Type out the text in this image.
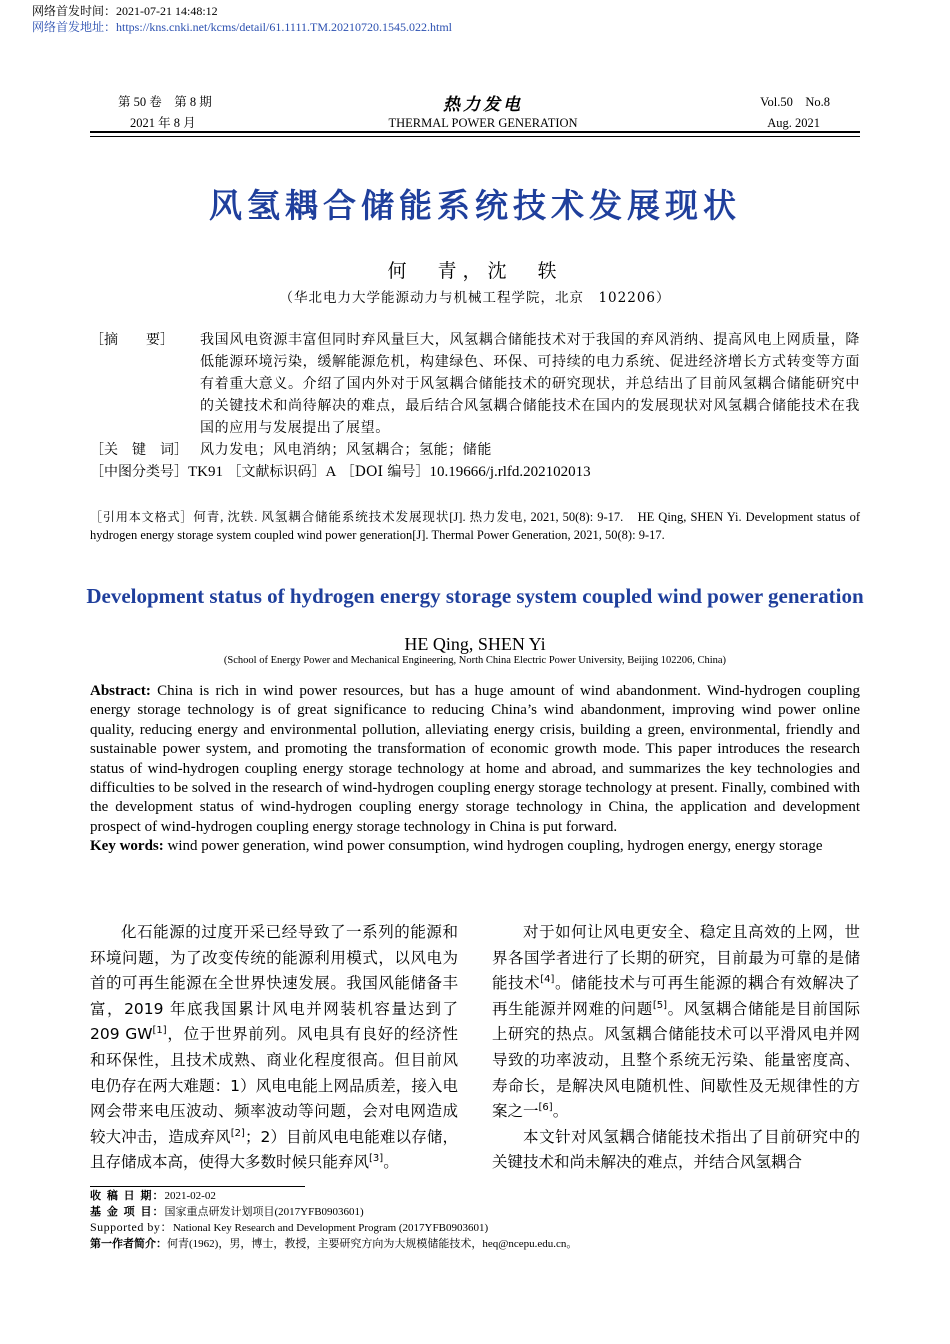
网络首发时间：2021-07-21 14:48:12
网络首发地址：https://kns.cnki.net/kcms/detail/61.1111.TM.20210720.1545.022.html
第 50 卷　第 8 期
2021 年 8 月
热力发电
THERMAL POWER GENERATION
Vol.50　No.8
Aug. 2021
风氢耦合储能系统技术发展现状
何　青，沈　轶
（华北电力大学能源动力与机械工程学院，北京　102206）
［摘　　要］	我国风电资源丰富但同时弃风量巨大，风氢耦合储能技术对于我国的弃风消纳、提高风电上网质量，降低能源环境污染，缓解能源危机，构建绿色、环保、可持续的电力系统、促进经济增长方式转变等方面有着重大意义。介绍了国内外对于风氢耦合储能技术的研究现状，并总结出了目前风氢耦合储能研究中的关键技术和尚待解决的难点，最后结合风氢耦合储能技术在国内的发展现状对风氢耦合储能技术在我国的应用与发展提出了展望。
［关　键　词］ 风力发电；风电消纳；风氢耦合；氢能；储能
［中图分类号］TK91 ［文献标识码］A ［DOI 编号］10.19666/j.rlfd.202102013
［引用本文格式］何青, 沈轶. 风氢耦合储能系统技术发展现状[J]. 热力发电, 2021, 50(8): 9-17.　HE Qing, SHEN Yi. Development status of hydrogen energy storage system coupled wind power generation[J]. Thermal Power Generation, 2021, 50(8): 9-17.
Development status of hydrogen energy storage system coupled wind power generation
HE Qing, SHEN Yi
(School of Energy Power and Mechanical Engineering, North China Electric Power University, Beijing 102206, China)
Abstract: China is rich in wind power resources, but has a huge amount of wind abandonment. Wind-hydrogen coupling energy storage technology is of great significance to reducing China’s wind abandonment, improving wind power online quality, reducing energy and environmental pollution, alleviating energy crisis, building a green, environmental, friendly and sustainable power system, and promoting the transformation of economic growth mode. This paper introduces the research status of wind-hydrogen coupling energy storage technology at home and abroad, and summarizes the key technologies and difficulties to be solved in the research of wind-hydrogen coupling energy storage technology at present. Finally, combined with the development status of wind-hydrogen coupling energy storage technology in China, the application and development prospect of wind-hydrogen coupling energy storage technology in China is put forward.
Key words: wind power generation, wind power consumption, wind hydrogen coupling, hydrogen energy, energy storage

化石能源的过度开采已经导致了一系列的能源和环境问题，为了改变传统的能源利用模式，以风电为首的可再生能源在全世界快速发展。我国风能储备丰富，2019 年底我国累计风电并网装机容量达到了 209 GW[1]，位于世界前列。风电具有良好的经济性和环保性，且技术成熟、商业化程度很高。但目前风电仍存在两大难题：1）风电电能上网品质差，接入电网会带来电压波动、频率波动等问题，会对电网造成较大冲击，造成弃风[2]；2）目前风电电能难以存储，且存储成本高，使得大多数时候只能弃风[3]。

对于如何让风电更安全、稳定且高效的上网，世界各国学者进行了长期的研究，目前最为可靠的是储能技术[4]。储能技术与可再生能源的耦合有效解决了再生能源并网难的问题[5]。风氢耦合储能是目前国际上研究的热点。风氢耦合储能技术可以平滑风电并网导致的功率波动，且整个系统无污染、能量密度高、寿命长，是解决风电随机性、间歇性及无规律性的方案之一[6]。

本文针对风氢耦合储能技术指出了目前研究中的关键技术和尚未解决的难点，并结合风氢耦合

收 稿 日 期：2021-02-02
基 金 项 目：国家重点研发计划项目(2017YFB0903601)
Supported by：National Key Research and Development Program (2017YFB0903601)
第一作者简介：何青(1962)，男，博士，教授，主要研究方向为大规模储能技术，heq@ncepu.edu.cn。
